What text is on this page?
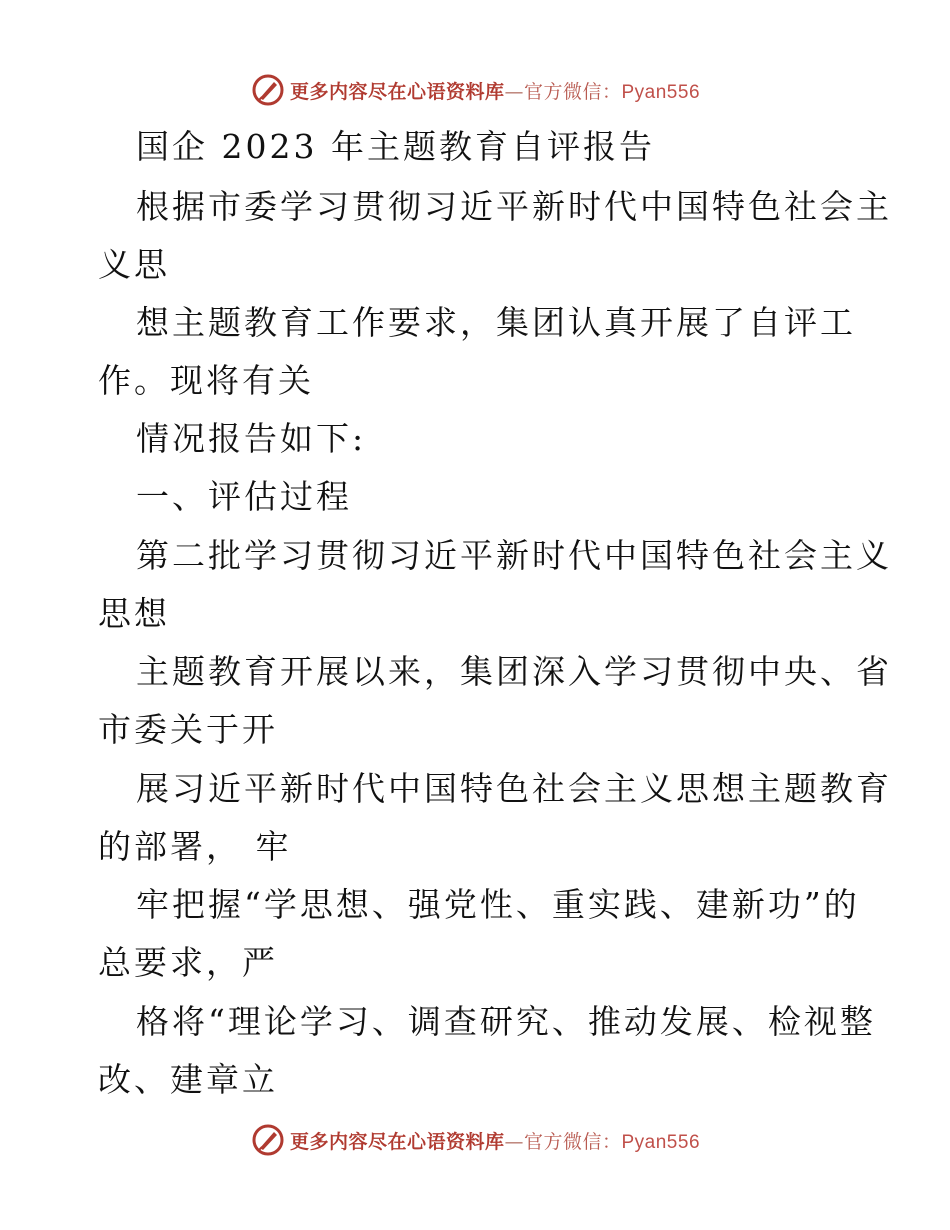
更多内容尽在心语资料库—官方微信：Pyan556
国企 2023 年主题教育自评报告
根据市委学习贯彻习近平新时代中国特色社会主
义思
想主题教育工作要求，集团认真开展了自评工
作。现将有关
情况报告如下:
一、评估过程
第二批学习贯彻习近平新时代中国特色社会主义
思想
主题教育开展以来，集团深入学习贯彻中央、省
市委关于开
展习近平新时代中国特色社会主义思想主题教育
的部署， 牢
牢把握“学思想、强党性、重实践、建新功”的
总要求，严
格将“理论学习、调查研究、推动发展、检视整
改、建章立
更多内容尽在心语资料库—官方微信：Pyan556
